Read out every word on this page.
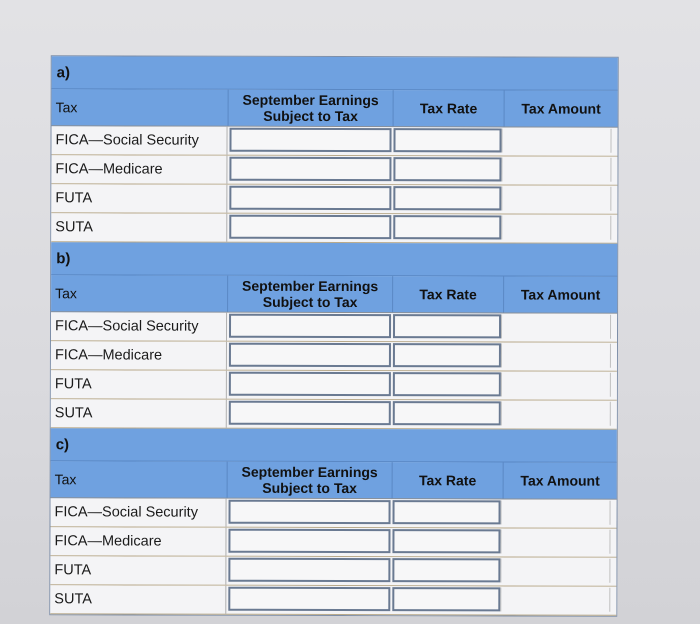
a)
Tax	September Earnings Subject to Tax	Tax Rate	Tax Amount
FICA—Social Security
FICA—Medicare
FUTA
SUTA
b)
Tax	September Earnings Subject to Tax	Tax Rate	Tax Amount
FICA—Social Security
FICA—Medicare
FUTA
SUTA
c)
Tax	September Earnings Subject to Tax	Tax Rate	Tax Amount
FICA—Social Security
FICA—Medicare
FUTA
SUTA
